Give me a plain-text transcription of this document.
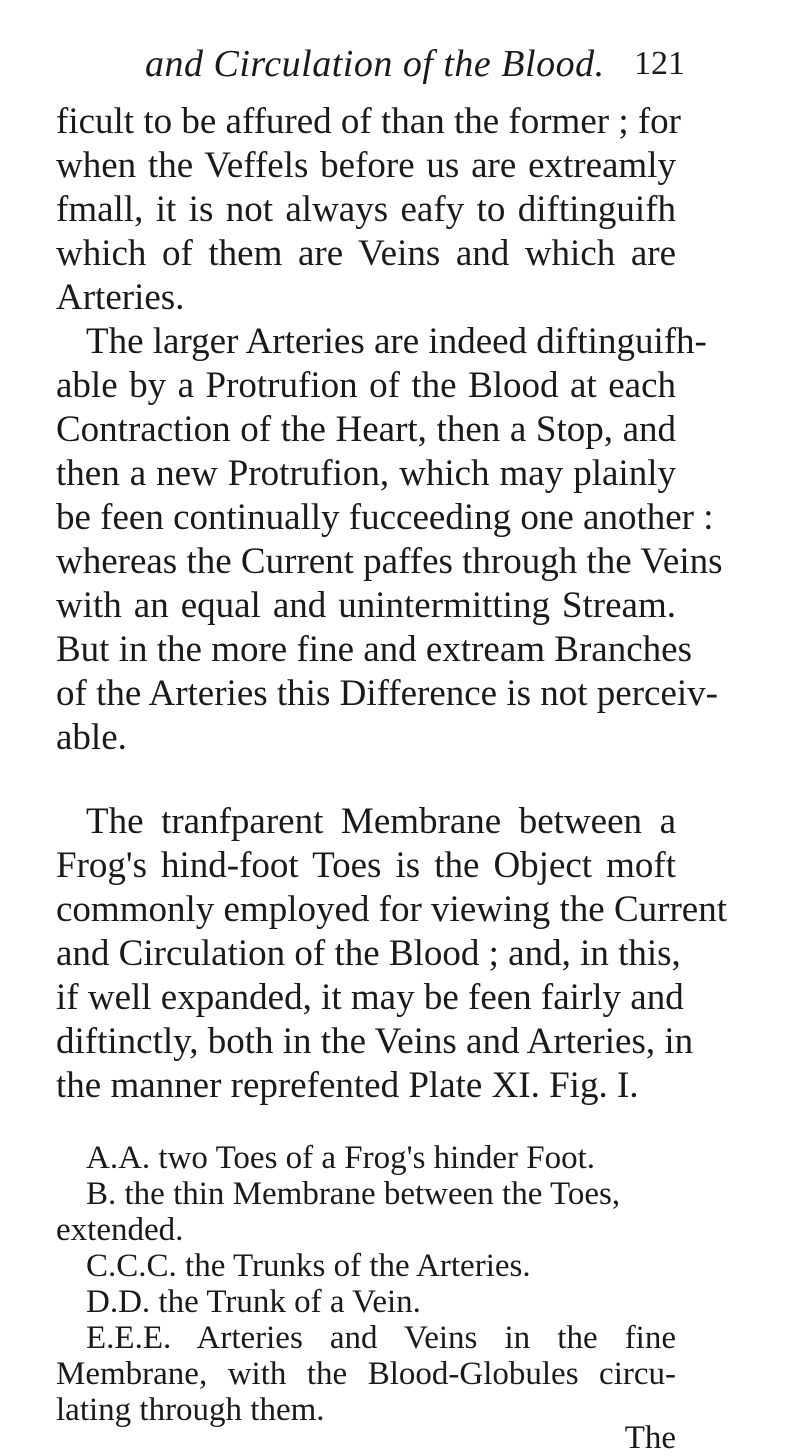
and Circulation of the Blood. 121
ficult to be affured of than the former ; for
when the Veffels before us are extreamly
fmall, it is not always eafy to diftinguifh
which of them are Veins and which are
Arteries.
The larger Arteries are indeed diftinguifh-
able by a Protrufion of the Blood at each
Contraction of the Heart, then a Stop, and
then a new Protrufion, which may plainly
be feen continually fucceeding one another :
whereas the Current paffes through the Veins
with an equal and unintermitting Stream.
But in the more fine and extream Branches
of the Arteries this Difference is not perceiv-
able.
The tranfparent Membrane between a
Frog's hind-foot Toes is the Object moft
commonly employed for viewing the Current
and Circulation of the Blood ; and, in this,
if well expanded, it may be feen fairly and
diftinctly, both in the Veins and Arteries, in
the manner reprefented Plate XI. Fig. I.
The
A.A. two Toes of a Frog's hinder Foot.
B. the thin Membrane between the Toes,
extended.
C.C.C. the Trunks of the Arteries.
D.D. the Trunk of a Vein.
E.E.E. Arteries and Veins in the fine
Membrane, with the Blood-Globules circu-
lating through them.
